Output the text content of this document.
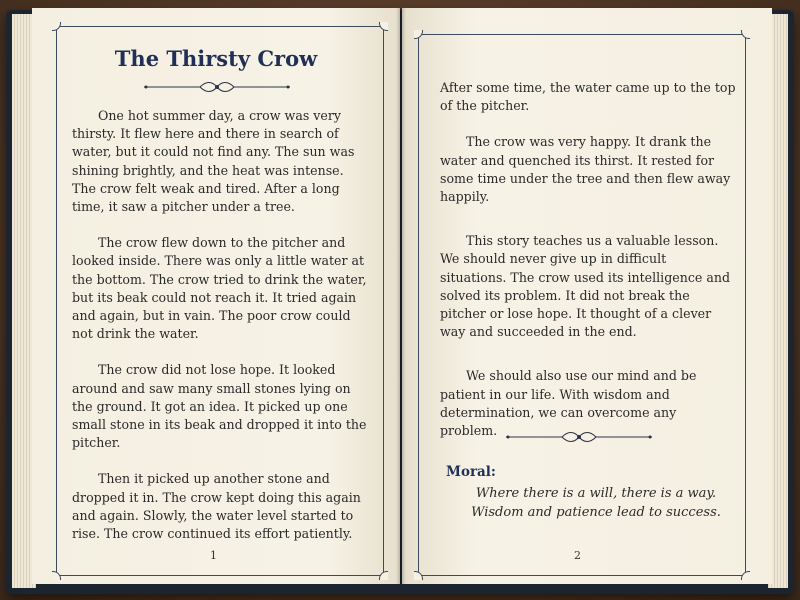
The Thirsty Crow

One hot summer day, a crow was very thirsty. It flew here and there in search of water, but it could not find any. The sun was shining brightly, and the heat was intense. The crow felt weak and tired. After a long time, it saw a pitcher under a tree.

The crow flew down to the pitcher and looked inside. There was only a little water at the bottom. The crow tried to drink the water, but its beak could not reach it. It tried again and again, but in vain. The poor crow could not drink the water.

The crow did not lose hope. It looked around and saw many small stones lying on the ground. It got an idea. It picked up one small stone in its beak and dropped it into the pitcher.

Then it picked up another stone and dropped it in. The crow kept doing this again and again. Slowly, the water level started to rise. The crow continued its effort patiently.

1

After some time, the water came up to the top of the pitcher.

The crow was very happy. It drank the water and quenched its thirst. It rested for some time under the tree and then flew away happily.

This story teaches us a valuable lesson. We should never give up in difficult situations. The crow used its intelligence and solved its problem. It did not break the pitcher or lose hope. It thought of a clever way and succeeded in the end.

We should also use our mind and be patient in our life. With wisdom and determination, we can overcome any problem.

Moral:
Where there is a will, there is a way.
Wisdom and patience lead to success.
2
